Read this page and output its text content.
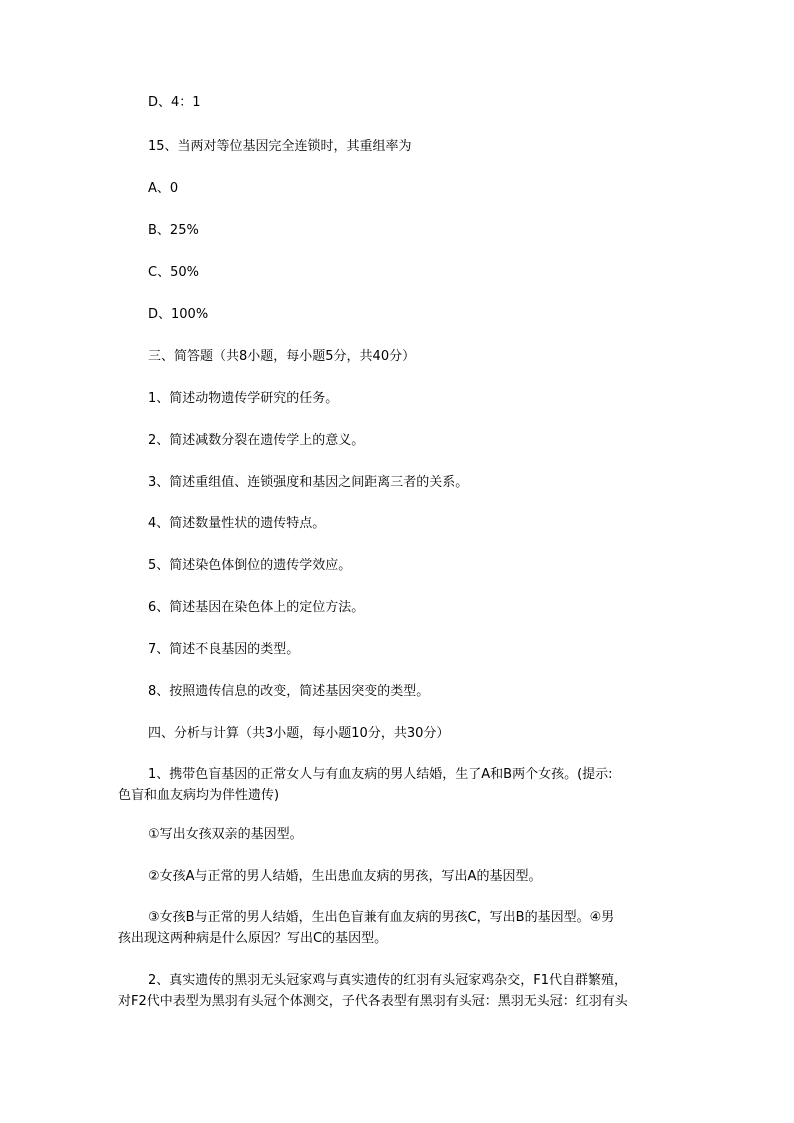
D、4：1
15、当两对等位基因完全连锁时，其重组率为
A、0
B、25%
C、50%
D、100%
三、简答题（共8小题，每小题5分，共40分）
1、简述动物遗传学研究的任务。
2、简述减数分裂在遗传学上的意义。
3、简述重组值、连锁强度和基因之间距离三者的关系。
4、简述数量性状的遗传特点。
5、简述染色体倒位的遗传学效应。
6、简述基因在染色体上的定位方法。
7、简述不良基因的类型。
8、按照遗传信息的改变，简述基因突变的类型。
四、分析与计算（共3小题，每小题10分，共30分）
1、携带色盲基因的正常女人与有血友病的男人结婚，生了A和B两个女孩。(提示:
色盲和血友病均为伴性遗传)
①写出女孩双亲的基因型。
②女孩A与正常的男人结婚，生出患血友病的男孩，写出A的基因型。
③女孩B与正常的男人结婚，生出色盲兼有血友病的男孩C，写出B的基因型。④男
孩出现这两种病是什么原因？写出C的基因型。
2、真实遗传的黑羽无头冠家鸡与真实遗传的红羽有头冠家鸡杂交，F1代自群繁殖，
对F2代中表型为黑羽有头冠个体测交，子代各表型有黑羽有头冠：黑羽无头冠：红羽有头
